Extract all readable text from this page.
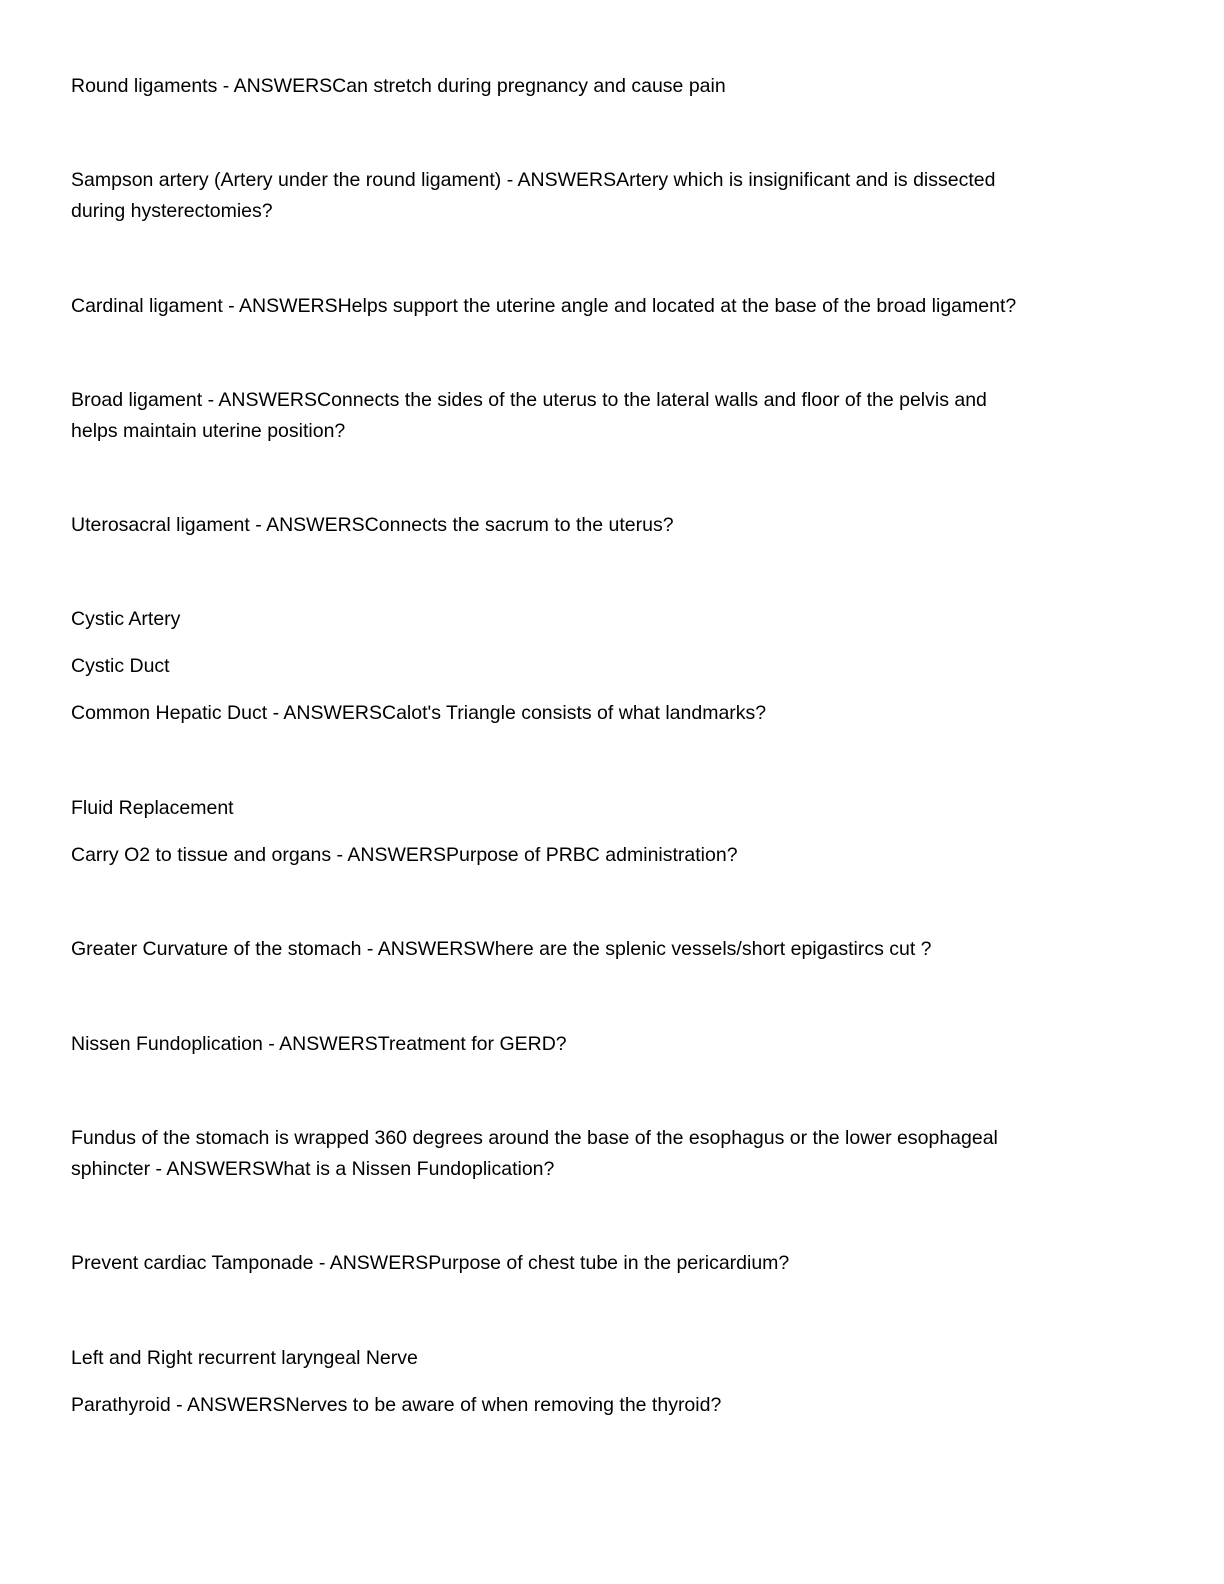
Round ligaments - ANSWERSCan stretch during pregnancy and cause pain
Sampson artery (Artery under the round ligament) - ANSWERSArtery which is insignificant and is dissected
during hysterectomies?
Cardinal ligament - ANSWERSHelps support the uterine angle and located at the base of the broad ligament?
Broad ligament - ANSWERSConnects the sides of the uterus to the lateral walls and floor of the pelvis and
helps maintain uterine position?
Uterosacral ligament - ANSWERSConnects the sacrum to the uterus?
Cystic Artery
Cystic Duct
Common Hepatic Duct - ANSWERSCalot's Triangle consists of what landmarks?
Fluid Replacement
Carry O2 to tissue and organs - ANSWERSPurpose of PRBC administration?
Greater Curvature of the stomach - ANSWERSWhere are the splenic vessels/short epigastircs cut ?
Nissen Fundoplication - ANSWERSTreatment for GERD?
Fundus of the stomach is wrapped 360 degrees around the base of the esophagus or the lower esophageal
sphincter - ANSWERSWhat is a Nissen Fundoplication?
Prevent cardiac Tamponade - ANSWERSPurpose of chest tube in the pericardium?
Left and Right recurrent laryngeal Nerve
Parathyroid - ANSWERSNerves to be aware of when removing the thyroid?
